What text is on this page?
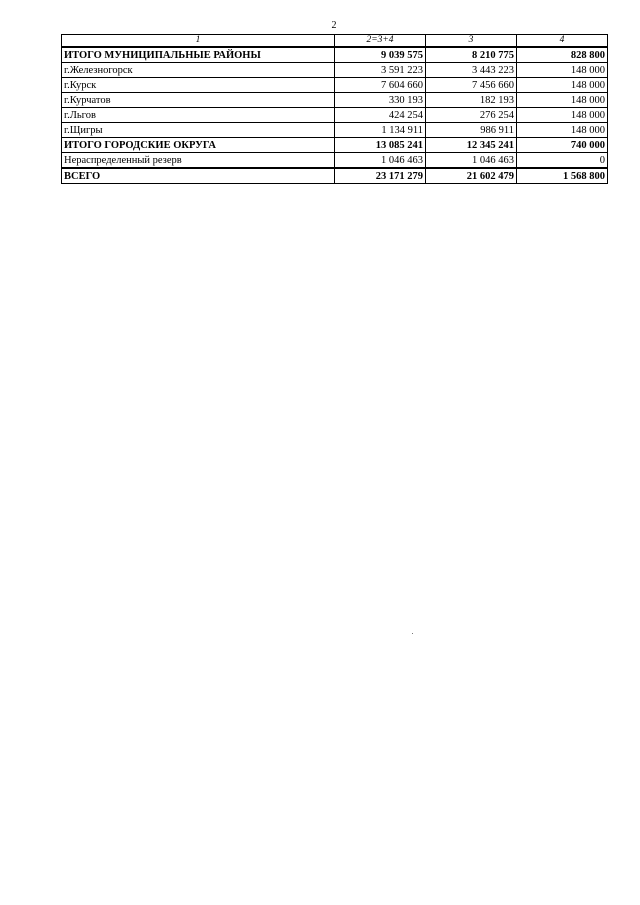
2
1	2=3+4	3	4
ИТОГО МУНИЦИПАЛЬНЫЕ РАЙОНЫ	9 039 575	8 210 775	828 800
г.Железногорск	3 591 223	3 443 223	148 000
г.Курск	7 604 660	7 456 660	148 000
г.Курчатов	330 193	182 193	148 000
г.Льгов	424 254	276 254	148 000
г.Щигры	1 134 911	986 911	148 000
ИТОГО ГОРОДСКИЕ ОКРУГА	13 085 241	12 345 241	740 000
Нераспределенный резерв	1 046 463	1 046 463	0
ВСЕГО	23 171 279	21 602 479	1 568 800
